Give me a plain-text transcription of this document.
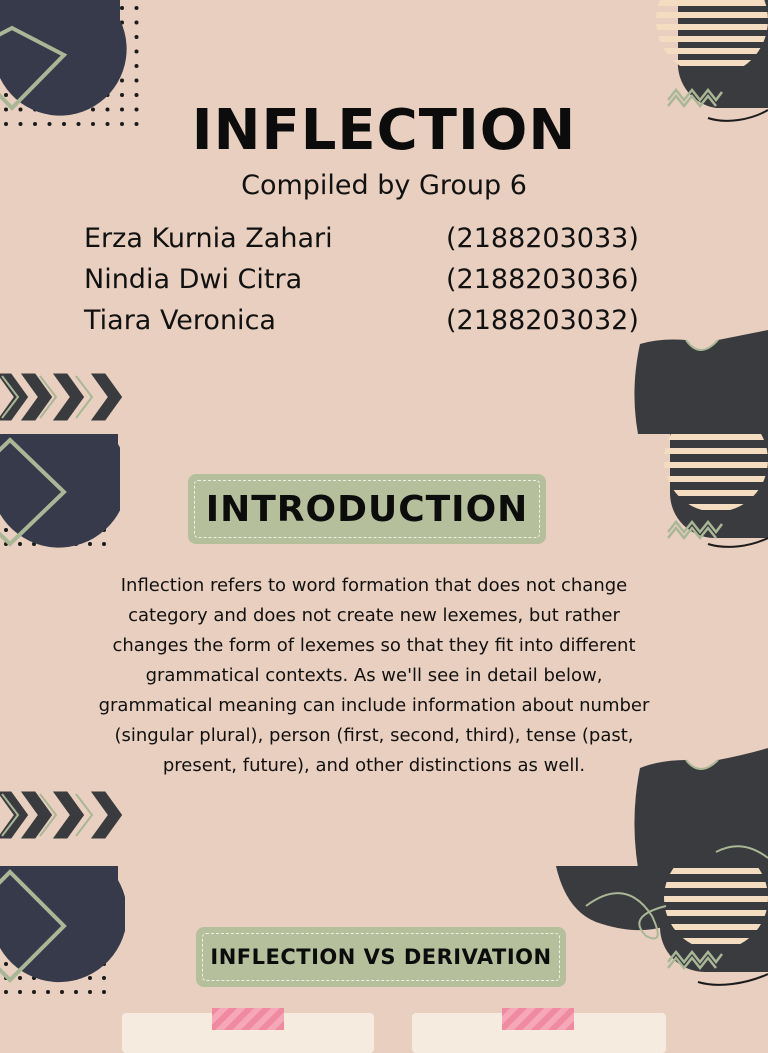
INFLECTION
Compiled by Group 6
Erza Kurnia Zahari	(2188203033)
Nindia Dwi Citra	(2188203036)
Tiara Veronica	(2188203032)
INTRODUCTION
Inflection refers to word formation that does not change category and does not create new lexemes, but rather changes the form of lexemes so that they fit into different grammatical contexts. As we'll see in detail below, grammatical meaning can include information about number (singular plural), person (first, second, third), tense (past, present, future), and other distinctions as well.
INFLECTION VS DERIVATION
